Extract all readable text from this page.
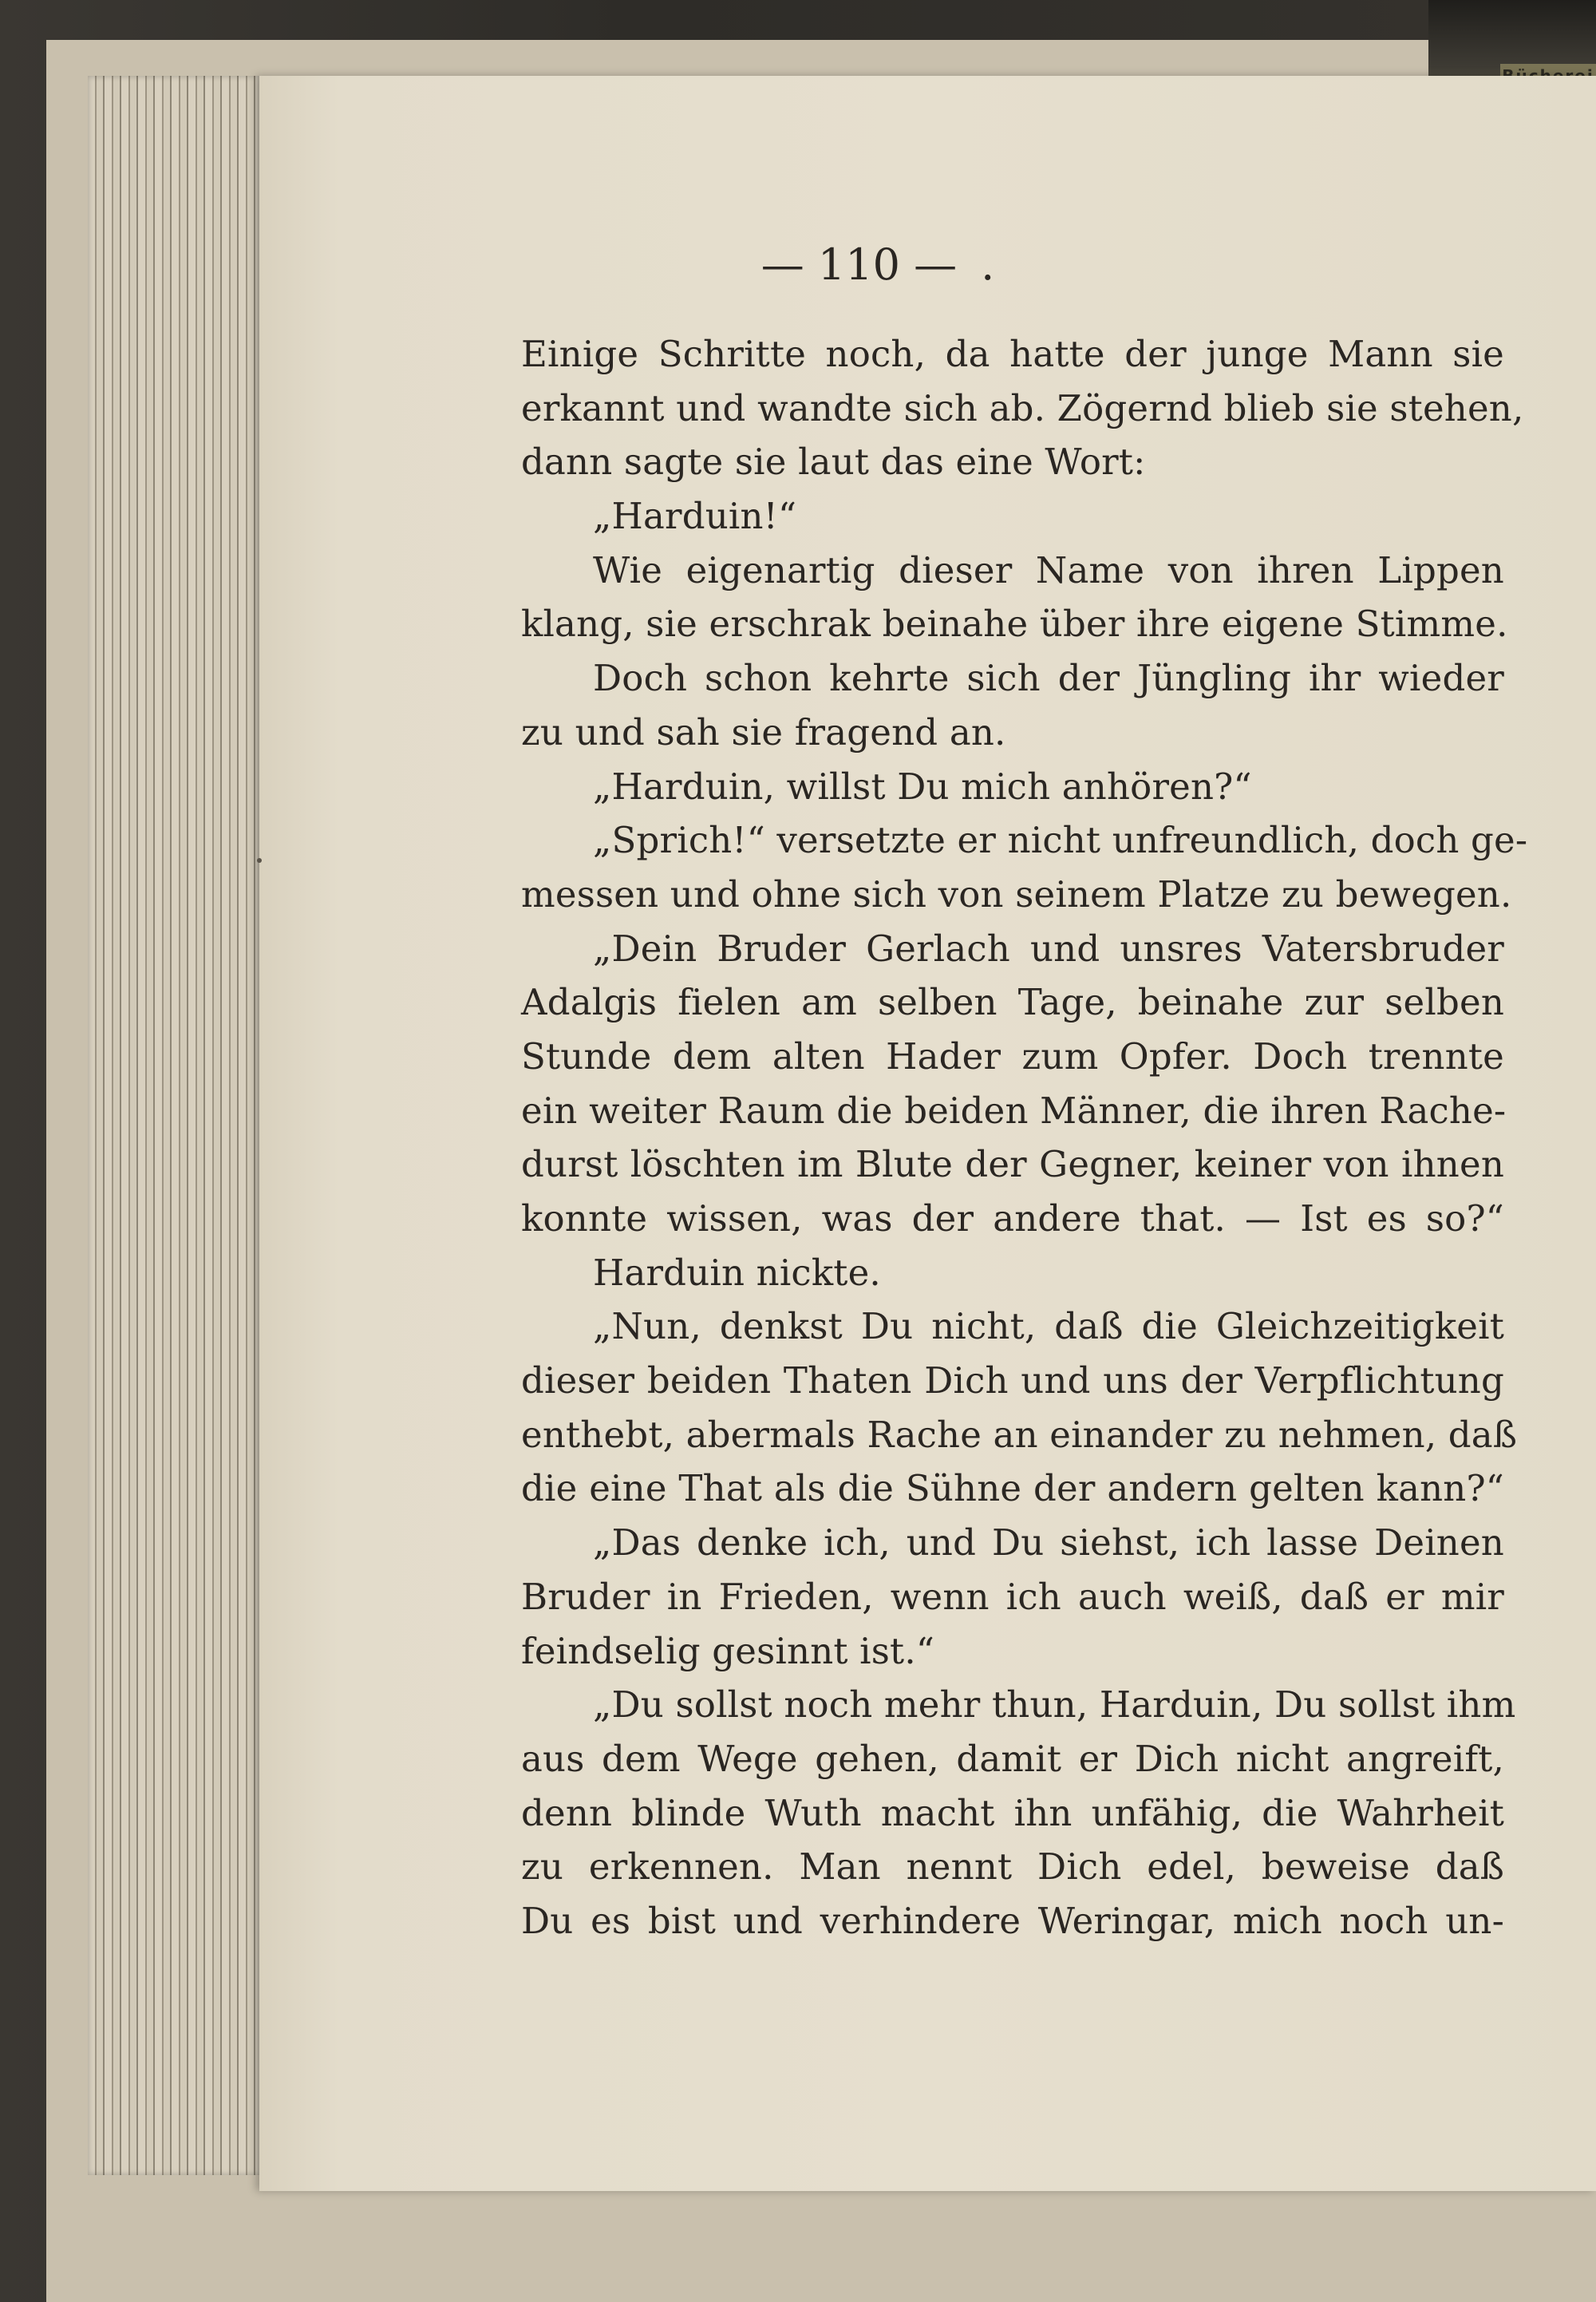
— 110 — .
Einige Schritte noch, da hatte der junge Mann sie
erkannt und wandte sich ab. Zögernd blieb sie stehen,
dann sagte sie laut das eine Wort:
„Harduin!“
Wie eigenartig dieser Name von ihren Lippen
klang, sie erschrak beinahe über ihre eigene Stimme.
Doch schon kehrte sich der Jüngling ihr wieder
zu und sah sie fragend an.
„Harduin, willst Du mich anhören?“
„Sprich!“ versetzte er nicht unfreundlich, doch ge-
messen und ohne sich von seinem Platze zu bewegen.
„Dein Bruder Gerlach und unsres Vatersbruder
Adalgis fielen am selben Tage, beinahe zur selben
Stunde dem alten Hader zum Opfer. Doch trennte
ein weiter Raum die beiden Männer, die ihren Rache-
durst löschten im Blute der Gegner, keiner von ihnen
konnte wissen, was der andere that. — Ist es so?“
Harduin nickte.
„Nun, denkst Du nicht, daß die Gleichzeitigkeit
dieser beiden Thaten Dich und uns der Verpflichtung
enthebt, abermals Rache an einander zu nehmen, daß
die eine That als die Sühne der andern gelten kann?“
„Das denke ich, und Du siehst, ich lasse Deinen
Bruder in Frieden, wenn ich auch weiß, daß er mir
feindselig gesinnt ist.“
„Du sollst noch mehr thun, Harduin, Du sollst ihm
aus dem Wege gehen, damit er Dich nicht angreift,
denn blinde Wuth macht ihn unfähig, die Wahrheit
zu erkennen. Man nennt Dich edel, beweise daß
Du es bist und verhindere Weringar, mich noch un-
